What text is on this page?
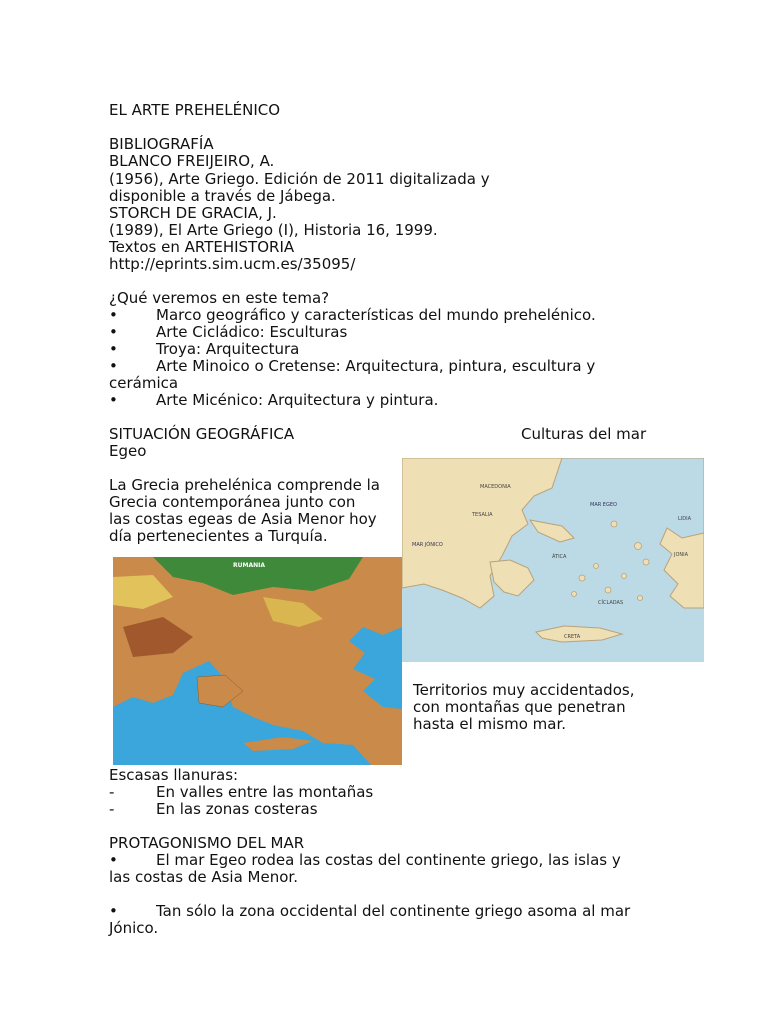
EL ARTE PREHELÉNICO
BIBLIOGRAFÍA
BLANCO FREIJEIRO, A.
(1956), Arte Griego. Edición de 2011 digitalizada y
disponible a través de Jábega.
STORCH DE GRACIA, J.
(1989), El Arte Griego (I), Historia 16, 1999.
Textos en ARTEHISTORIA
http://eprints.sim.ucm.es/35095/
¿Qué veremos en este tema?
•	Marco geográfico y características del mundo prehelénico.
•	Arte Cicládico: Esculturas
•	Troya: Arquitectura
•	Arte Minoico o Cretense: Arquitectura, pintura, escultura y
cerámica
•	Arte Micénico: Arquitectura y pintura.
SITUACIÓN GEOGRÁFICA	Culturas del mar
Egeo
La Grecia prehelénica comprende la
Grecia contemporánea junto con
las costas egeas de Asia Menor hoy
día pertenecientes a Turquía.
MACEDONIA
TESALIA
MAR EGEO
LIDIA
JONIA
MAR JÓNICO
ÁTICA
CÍCLADAS
CRETA
RUMANIA
Territorios muy accidentados,
con montañas que penetran
hasta el mismo mar.
Escasas llanuras:
-	En valles entre las montañas
-	En las zonas costeras
PROTAGONISMO DEL MAR
•	El mar Egeo rodea las costas del continente griego, las islas y
las costas de Asia Menor.
•	Tan sólo la zona occidental del continente griego asoma al mar
Jónico.
